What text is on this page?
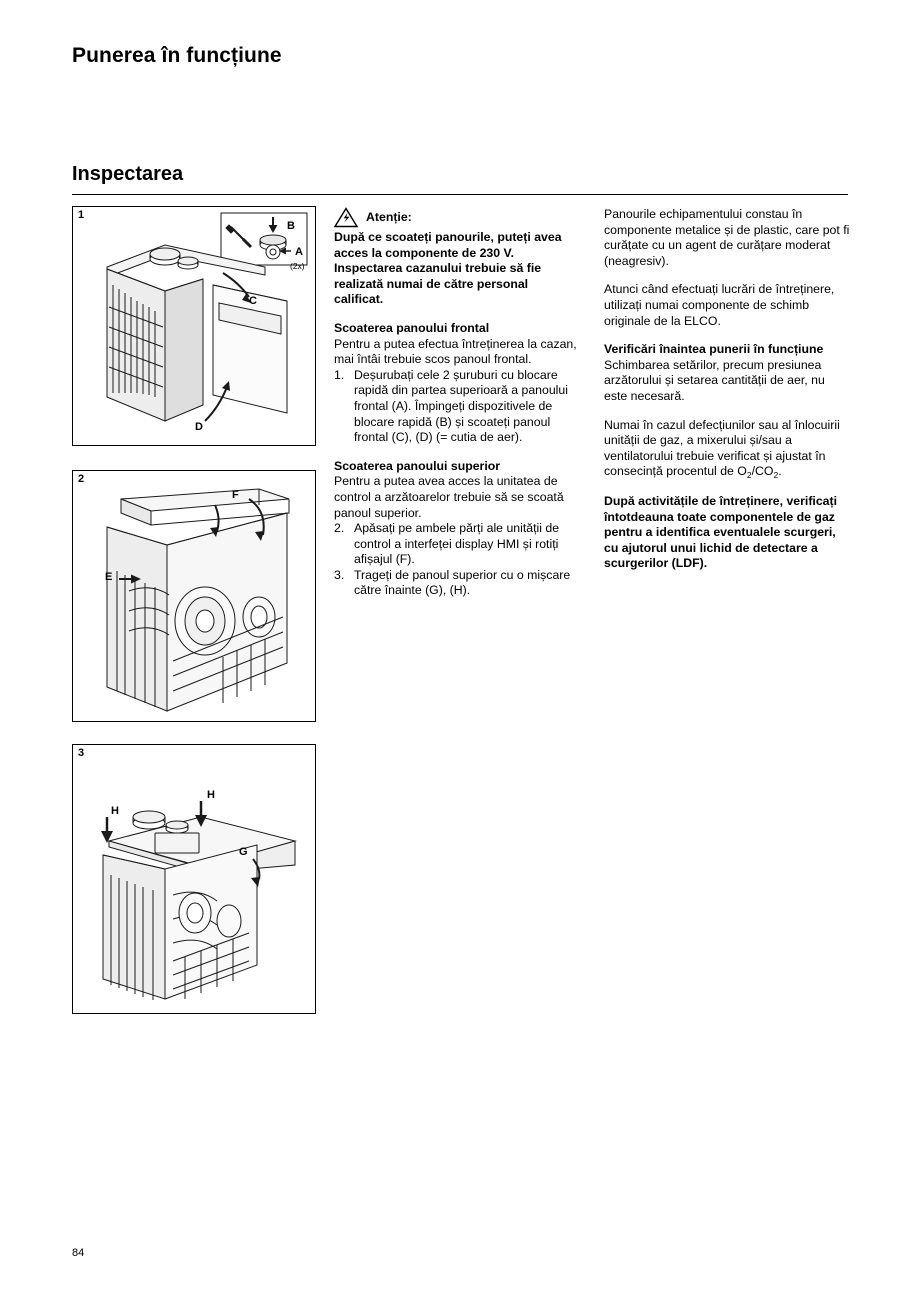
Punerea în funcțiune
Inspectarea
1
B
A
(2x)
C
D
2
F
E
3
H
H
G
Atenție:

După ce scoateți panourile, puteți avea acces la componente de 230 V. Inspectarea cazanului trebuie să fie realizată numai de către personal calificat.

Scoaterea panoului frontal

Pentru a putea efectua întreținerea la cazan, mai întâi trebuie scos panoul frontal.

1. Deșurubați cele 2 șuruburi cu blocare rapidă din partea superioară a panoului frontal (A). Împingeți dispozitivele de blocare rapidă (B) și scoateți panoul frontal (C), (D) (= cutia de aer).

Scoaterea panoului superior

Pentru a putea avea acces la unitatea de control a arzătoarelor trebuie să se scoată panoul superior.

2. Apăsați pe ambele părți ale unității de control a interfeței display HMI și rotiți afișajul (F).
3. Trageți de panoul superior cu o mișcare către înainte (G), (H).

Panourile echipamentului constau în componente metalice și de plastic, care pot fi curățate cu un agent de curățare moderat (neagresiv).

Atunci când efectuați lucrări de întreținere, utilizați numai componente de schimb originale de la ELCO.

Verificări înaintea punerii în funcțiune

Schimbarea setărilor, precum presiunea arzătorului și setarea cantității de aer, nu este necesară.

Numai în cazul defecțiunilor sau al înlocuirii unității de gaz, a mixerului și/sau a ventilatorului trebuie verificat și ajustat în consecință procentul de $O_2/CO_2$.

După activitățile de întreținere, verificați întotdeauna toate componentele de gaz pentru a identifica eventualele scurgeri, cu ajutorul unui lichid de detectare a scurgerilor (LDF).

84
